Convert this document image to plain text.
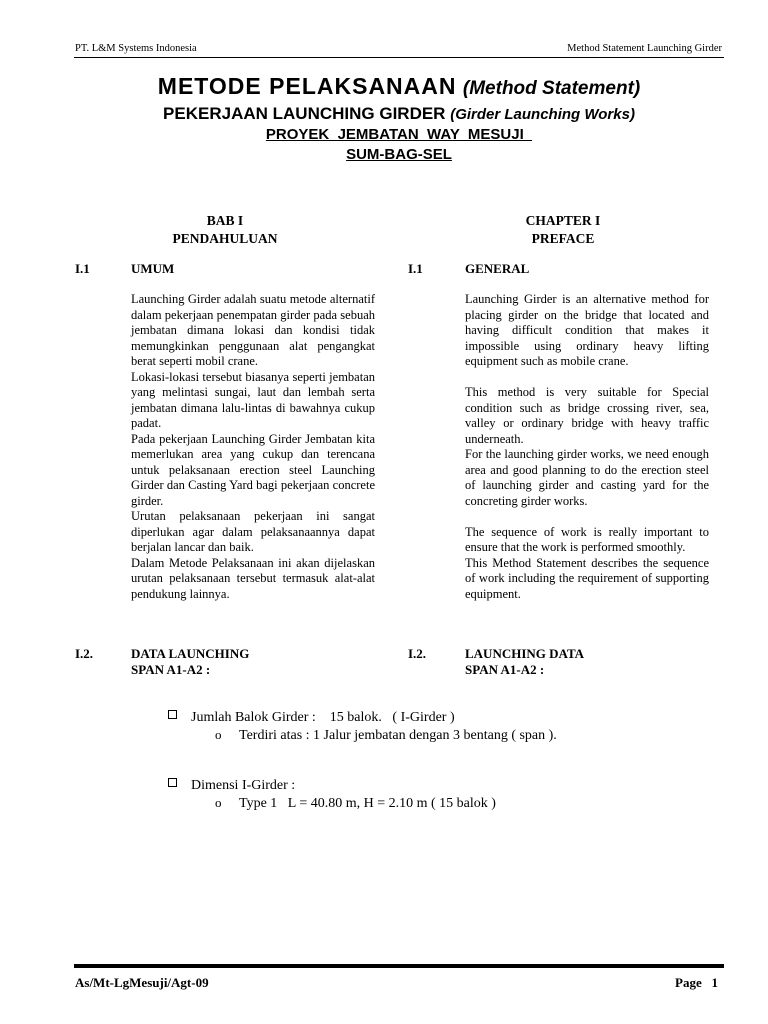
PT. L&M Systems Indonesia	Method Statement Launching Girder
METODE PELAKSANAAN (Method Statement)
PEKERJAAN LAUNCHING GIRDER (Girder Launching Works)
PROYEK  JEMBATAN  WAY  MESUJI
SUM-BAG-SEL
BAB I
PENDAHULUAN
CHAPTER I
PREFACE
I.1	UMUM	I.1	GENERAL

Launching Girder adalah suatu metode alternatif dalam pekerjaan penempatan girder pada sebuah jembatan dimana lokasi dan kondisi tidak memungkinkan penggunaan alat pengangkat berat seperti mobil crane.

Lokasi-lokasi tersebut biasanya seperti jembatan yang melintasi sungai, laut dan lembah serta jembatan dimana lalu-lintas di bawahnya cukup padat.

Pada pekerjaan Launching Girder Jembatan kita memerlukan area yang cukup dan terencana untuk pelaksanaan erection steel Launching Girder dan Casting Yard bagi pekerjaan concrete girder.

Urutan pelaksanaan pekerjaan ini sangat diperlukan agar dalam pelaksanaannya dapat berjalan lancar dan baik.

Dalam Metode Pelaksanaan ini akan dijelaskan urutan pelaksanaan tersebut termasuk alat-alat pendukung lainnya.

Launching Girder is an alternative method for placing girder on the bridge that located and having difficult condition that makes it impossible using ordinary heavy lifting equipment such as mobile crane.

This method is very suitable for Special condition such as bridge crossing river, sea, valley or ordinary bridge with heavy traffic underneath.

For the launching girder works, we need enough area and good planning to do the erection steel of launching girder and casting yard for the concreting girder works.

The sequence of work is really important to ensure that the work is performed smoothly.

This Method Statement describes the sequence of work including the requirement of supporting equipment.

I.2.	DATA LAUNCHING
SPAN A1-A2 :
I.2.	LAUNCHING DATA
SPAN A1-A2 :
Jumlah Balok Girder :    15 balok.   ( I-Girder )
o Terdiri atas : 1 Jalur jembatan dengan 3 bentang ( span ).
Dimensi I-Girder :
o Type 1   L = 40.80 m, H = 2.10 m ( 15 balok )
As/Mt-LgMesuji/Agt-09	Page 1
